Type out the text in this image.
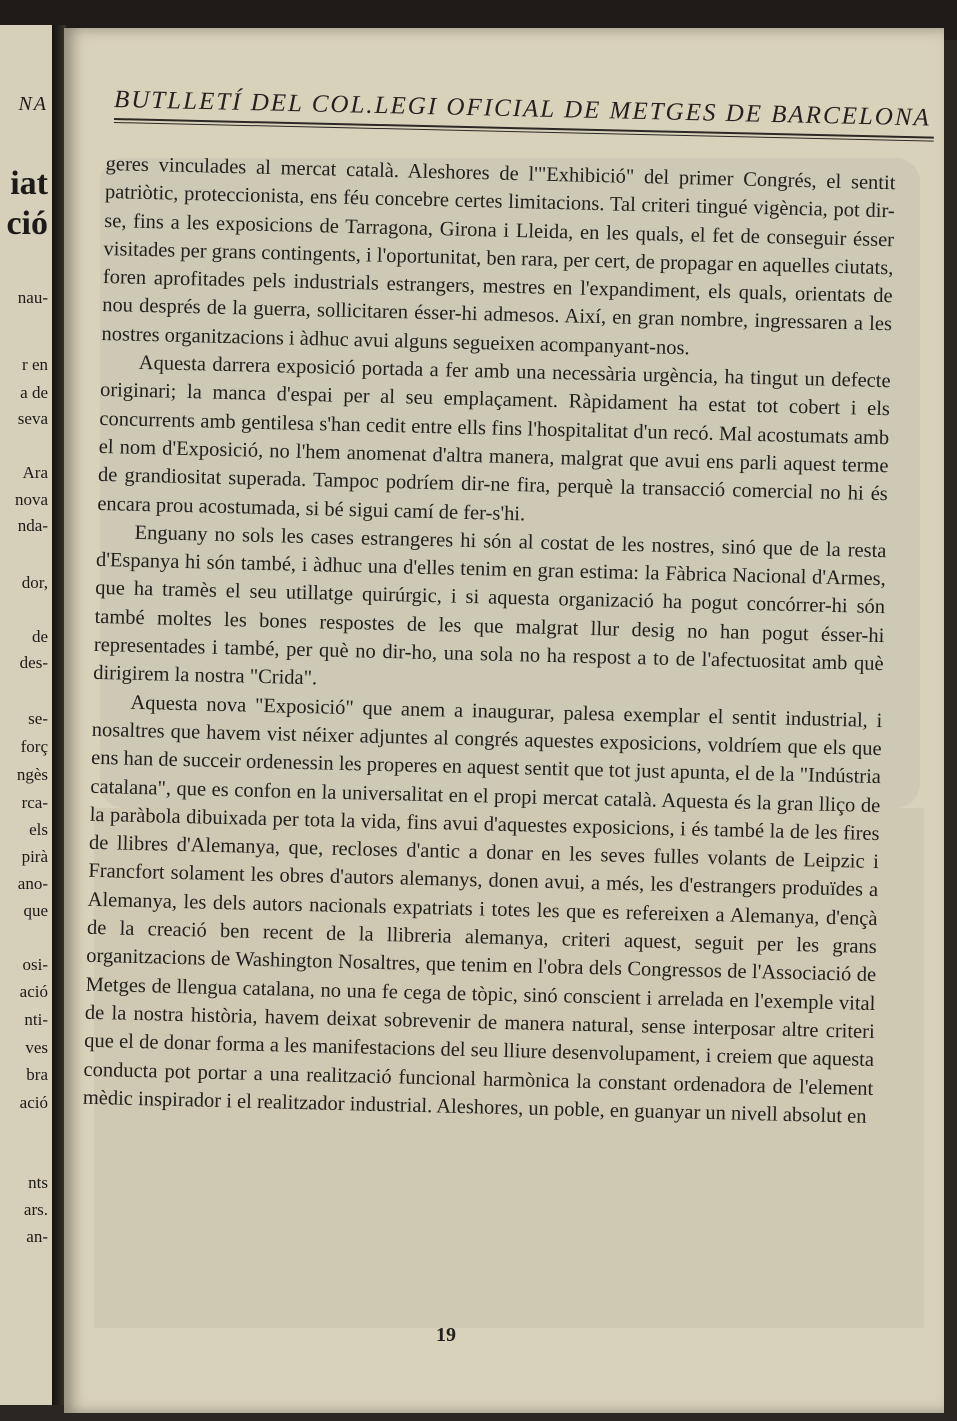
NA
iat
ció
nau-
r en
a de
seva
Ara
nova
nda-
dor,
de
des-
se-
forç
ngès
rca-
els
pirà
ano-
que
osi-
ació
nti-
ves
bra
ació
nts
ars.
an-
BUTLLETÍ DEL COL.LEGI OFICIAL DE METGES DE BARCELONA

geres vinculades al mercat català. Aleshores de l'"Exhibició" del primer Congrés, el sentit patriòtic, proteccionista, ens féu concebre certes limitacions. Tal criteri tingué vigència, pot dir-se, fins a les exposicions de Tarragona, Girona i Lleida, en les quals, el fet de conseguir ésser visitades per grans contingents, i l'oportunitat, ben rara, per cert, de propagar en aquelles ciutats, foren aprofitades pels industrials estrangers, mestres en l'expandiment, els quals, orientats de nou després de la guerra, sollicitaren ésser-hi admesos. Així, en gran nombre, ingressaren a les nostres organitzacions i àdhuc avui alguns segueixen acompanyant-nos.

Aquesta darrera exposició portada a fer amb una necessària urgència, ha tingut un defecte originari; la manca d'espai per al seu emplaçament. Ràpidament ha estat tot cobert i els concurrents amb gentilesa s'han cedit entre ells fins l'hospitalitat d'un recó. Mal acostumats amb el nom d'Exposició, no l'hem anomenat d'altra manera, malgrat que avui ens parli aquest terme de grandiositat superada. Tampoc podríem dir-ne fira, perquè la transacció comercial no hi és encara prou acostumada, si bé sigui camí de fer-s'hi.

Enguany no sols les cases estrangeres hi són al costat de les nostres, sinó que de la resta d'Espanya hi són també, i àdhuc una d'elles tenim en gran estima: la Fàbrica Nacional d'Armes, que ha tramès el seu utillatge quirúrgic, i si aquesta organizació ha pogut concórrer-hi són també moltes les bones respostes de les que malgrat llur desig no han pogut ésser-hi representades i també, per què no dir-ho, una sola no ha respost a to de l'afectuositat amb què dirigirem la nostra "Crida".

Aquesta nova "Exposició" que anem a inaugurar, palesa exemplar el sentit industrial, i nosaltres que havem vist néixer adjuntes al congrés aquestes exposicions, voldríem que els que ens han de succeir ordenessin les properes en aquest sentit que tot just apunta, el de la "Indústria catalana", que es confon en la universalitat en el propi mercat català. Aquesta és la gran lliço de la paràbola dibuixada per tota la vida, fins avui d'aquestes exposicions, i és també la de les fires de llibres d'Alemanya, que, recloses d'antic a donar en les seves fulles volants de Leipzic i Francfort solament les obres d'autors alemanys, donen avui, a més, les d'estrangers produïdes a Alemanya, les dels autors nacionals expatriats i totes les que es refereixen a Alemanya, d'ençà de la creació ben recent de la llibreria alemanya, criteri aquest, seguit per les grans organitzacions de Washington Nosaltres, que tenim en l'obra dels Congressos de l'Associació de Metges de llengua catalana, no una fe cega de tòpic, sinó conscient i arrelada en l'exemple vital de la nostra història, havem deixat sobrevenir de manera natural, sense interposar altre criteri que el de donar forma a les manifestacions del seu lliure desenvolupament, i creiem que aquesta conducta pot portar a una realització funcional harmònica la constant ordenadora de l'element mèdic inspirador i el realitzador industrial. Aleshores, un poble, en guanyar un nivell absolut en

19
